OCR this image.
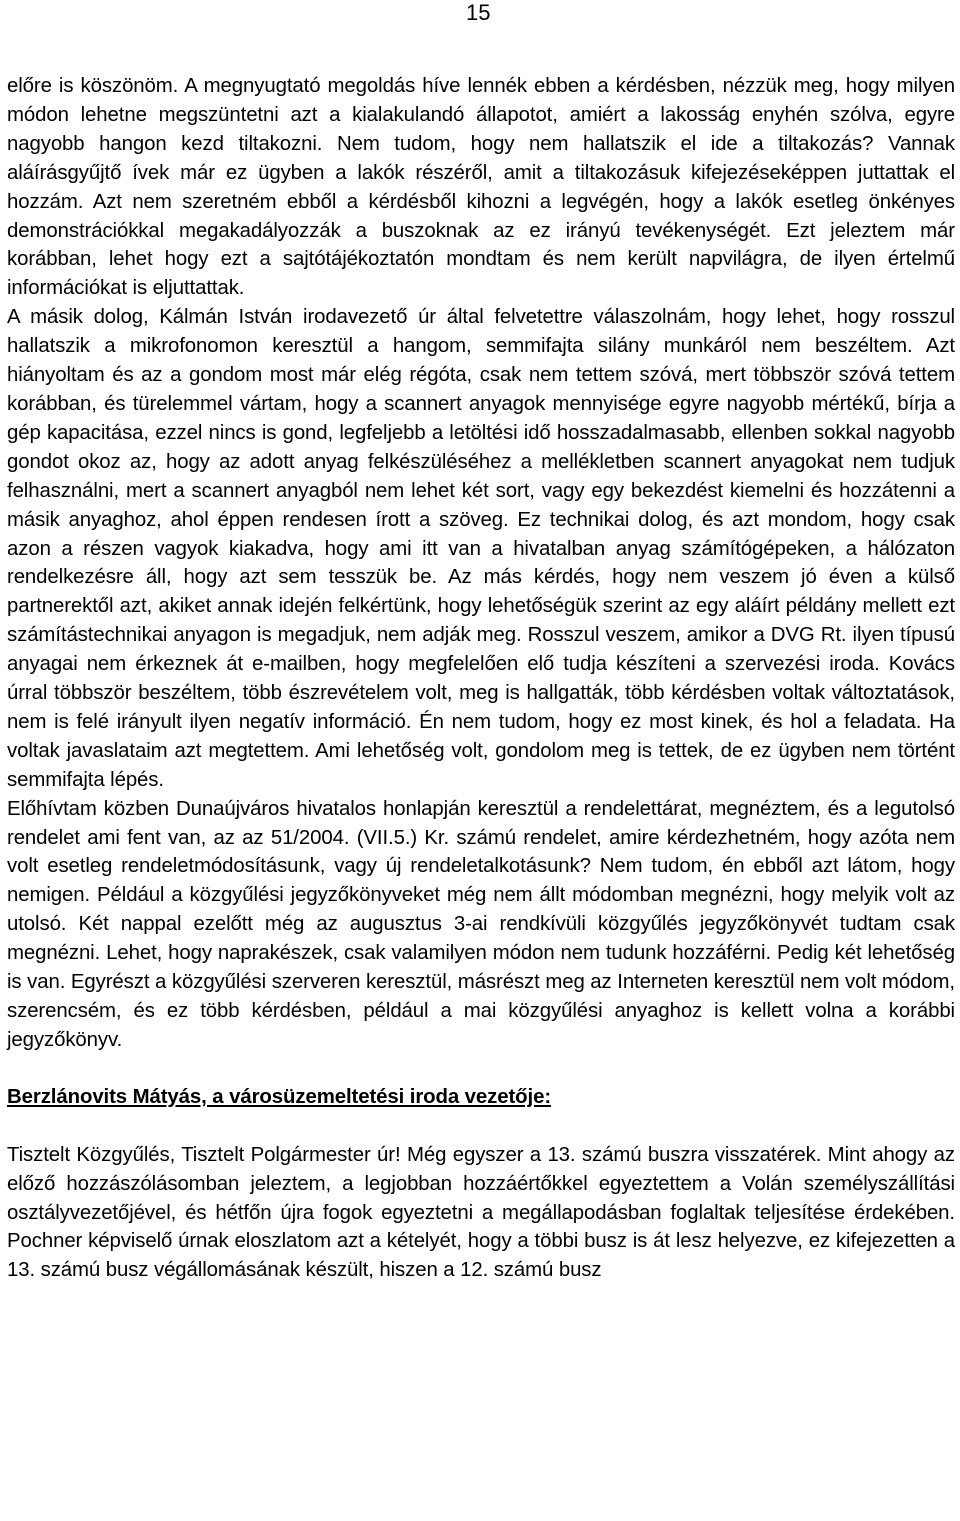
15

előre is köszönöm. A megnyugtató megoldás híve lennék ebben a kérdésben, nézzük meg, hogy milyen módon lehetne megszüntetni azt a kialakulandó állapotot, amiért a lakosság enyhén szólva, egyre nagyobb hangon kezd tiltakozni. Nem tudom, hogy nem hallatszik el ide a tiltakozás? Vannak aláírásgyűjtő ívek már ez ügyben a lakók részéről, amit a tiltakozásuk kifejezéseképpen juttattak el hozzám. Azt nem szeretném ebből a kérdésből kihozni a legvégén, hogy a lakók esetleg önkényes demonstrációkkal megakadályozzák a buszoknak az ez irányú tevékenységét. Ezt jeleztem már korábban, lehet hogy ezt a sajtótájékoztatón mondtam és nem került napvilágra, de ilyen értelmű információkat is eljuttattak.

A másik dolog, Kálmán István irodavezető úr által felvetettre válaszolnám, hogy lehet, hogy rosszul hallatszik a mikrofonomon keresztül a hangom, semmifajta silány munkáról nem beszéltem. Azt hiányoltam és az a gondom most már elég régóta, csak nem tettem szóvá, mert többször szóvá tettem korábban, és türelemmel vártam, hogy a scannert anyagok mennyisége egyre nagyobb mértékű, bírja a gép kapacitása, ezzel nincs is gond, legfeljebb a letöltési idő hosszadalmasabb, ellenben sokkal nagyobb gondot okoz az, hogy az adott anyag felkészüléséhez a mellékletben scannert anyagokat nem tudjuk felhasználni, mert a scannert anyagból nem lehet két sort, vagy egy bekezdést kiemelni és hozzátenni a másik anyaghoz, ahol éppen rendesen írott a szöveg. Ez technikai dolog, és azt mondom, hogy csak azon a részen vagyok kiakadva, hogy ami itt van a hivatalban anyag számítógépeken, a hálózaton rendelkezésre áll, hogy azt sem tesszük be. Az más kérdés, hogy nem veszem jó éven a külső partnerektől azt, akiket annak idején felkértünk, hogy lehetőségük szerint az egy aláírt példány mellett ezt számítástechnikai anyagon is megadjuk, nem adják meg. Rosszul veszem, amikor a DVG Rt. ilyen típusú anyagai nem érkeznek át e-mailben, hogy megfelelően elő tudja készíteni a szervezési iroda. Kovács úrral többször beszéltem, több észrevételem volt, meg is hallgatták, több kérdésben voltak változtatások, nem is felé irányult ilyen negatív információ. Én nem tudom, hogy ez most kinek, és hol a feladata. Ha voltak javaslataim azt megtettem. Ami lehetőség volt, gondolom meg is tettek, de ez ügyben nem történt semmifajta lépés.

Előhívtam közben Dunaújváros hivatalos honlapján keresztül a rendelettárat, megnéztem, és a legutolsó rendelet ami fent van, az az 51/2004. (VII.5.) Kr. számú rendelet, amire kérdezhetném, hogy azóta nem volt esetleg rendeletmódosításunk, vagy új rendeletalkotásunk? Nem tudom, én ebből azt látom, hogy nemigen. Például a közgyűlési jegyzőkönyveket még nem állt módomban megnézni, hogy melyik volt az utolsó. Két nappal ezelőtt még az augusztus 3-ai rendkívüli közgyűlés jegyzőkönyvét tudtam csak megnézni. Lehet, hogy naprakészek, csak valamilyen módon nem tudunk hozzáférni. Pedig két lehetőség is van. Egyrészt a közgyűlési szerveren keresztül, másrészt meg az Interneten keresztül nem volt módom, szerencsém, és ez több kérdésben, például a mai közgyűlési anyaghoz is kellett volna a korábbi jegyzőkönyv.

Berzlánovits Mátyás, a városüzemeltetési iroda vezetője:

Tisztelt Közgyűlés, Tisztelt Polgármester úr! Még egyszer a 13. számú buszra visszatérek. Mint ahogy az előző hozzászólásomban jeleztem, a legjobban hozzáértőkkel egyeztettem a Volán személyszállítási osztályvezetőjével, és hétfőn újra fogok egyeztetni a megállapodásban foglaltak teljesítése érdekében. Pochner képviselő úrnak eloszlatom azt a kételyét, hogy a többi busz is át lesz helyezve, ez kifejezetten a 13. számú busz végállomásának készült, hiszen a 12. számú busz
